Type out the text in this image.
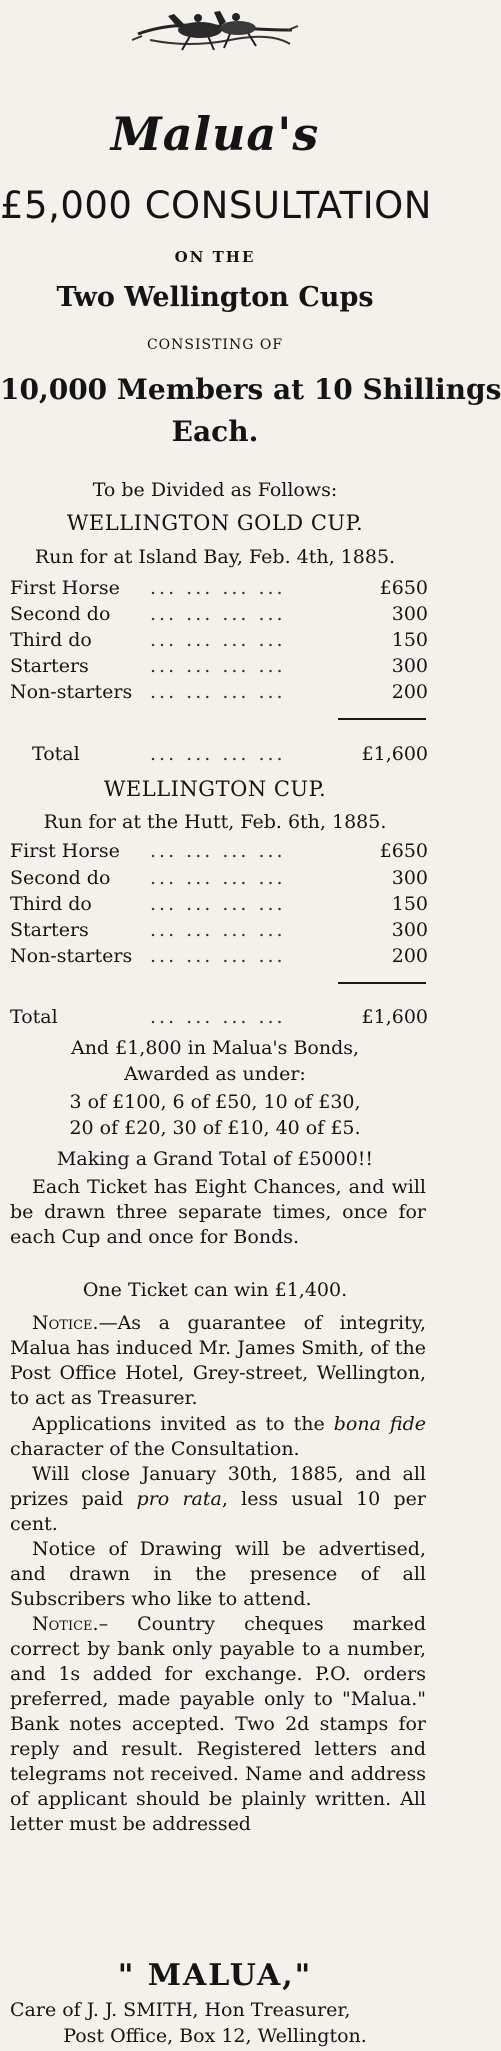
Malua's
£5,000 CONSULTATION
ON THE
Two Wellington Cups
CONSISTING OF
10,000 Members at 10 Shillings
Each.
To be Divided as Follows:
WELLINGTON GOLD CUP.
Run for at Island Bay, Feb. 4th, 1885.
First Horse ... ... ... ...	£650
Second do ... ... ... ...	300
Third do	... ... ... ...	150
Starters	... ... ... ...	300
Non-starters ... ... ... ...	200
Total	... ... ... ...	£1,600
WELLINGTON CUP.
Run for at the Hutt, Feb. 6th, 1885.
First Horse ... ... ... ...	£650
Second do ... ... ... ...	300
Third do	... ... ... ...	150
Starters	... ... ... ...	300
Non-starters ... ... ... ...	200
Total	... ... ... ...	£1,600
And £1,800 in Malua's Bonds,
Awarded as under:
3 of £100, 6 of £50, 10 of £30,
20 of £20, 30 of £10, 40 of £5.
Making a Grand Total of £5000!!
Each Ticket has Eight Chances, and will be drawn three separate times, once for each Cup and once for Bonds.
One Ticket can win £1,400.
Notice.—As a guarantee of integrity, Malua has induced Mr. James Smith, of the Post Office Hotel, Grey-street, Wellington, to act as Treasurer.
Applications invited as to the bona fide character of the Consultation.
Will close January 30th, 1885, and all prizes paid pro rata, less usual 10 per cent.
Notice of Drawing will be advertised, and drawn in the presence of all Subscribers who like to attend.
Notice.– Country cheques marked correct by bank only payable to a number, and 1s added for exchange. P.O. orders preferred, made payable only to "Malua." Bank notes accepted. Two 2d stamps for reply and result. Registered letters and telegrams not received. Name and address of applicant should be plainly written. All letter must be addressed
" MALUA,"
Care of J. J. SMITH, Hon Treasurer,
Post Office, Box 12, Wellington.
